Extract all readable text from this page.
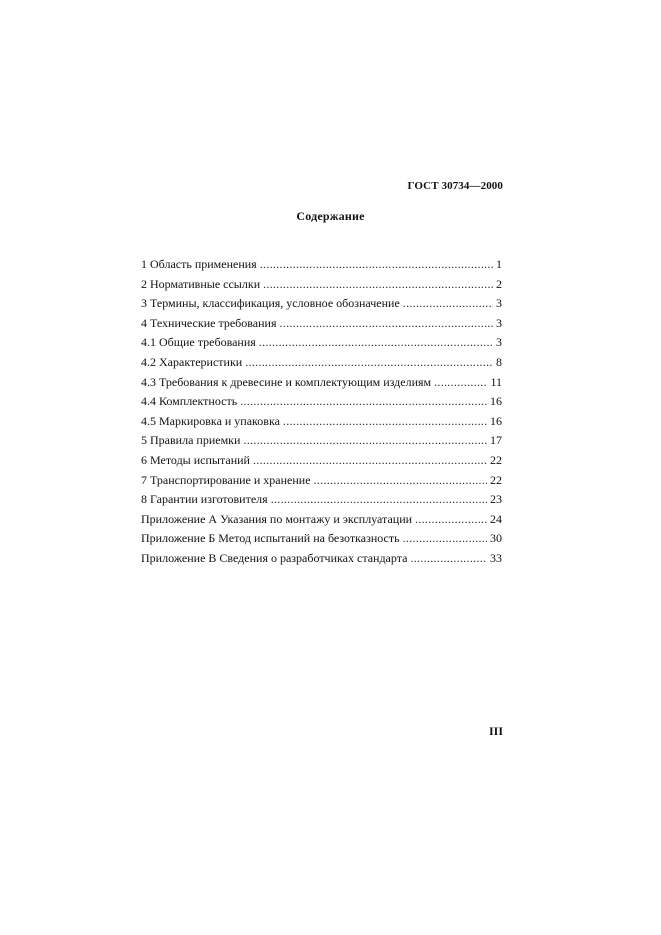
ГОСТ 30734—2000
Содержание
1 Область применения .....	1
2 Нормативные ссылки .....	2
3 Термины, классификация, условное обозначение .....	3
4 Технические требования .....	3
4.1 Общие требования .....	3
4.2 Характеристики .....	8
4.3 Требования к древесине и комплектующим изделиям .....	11
4.4 Комплектность .....	16
4.5 Маркировка и упаковка .....	16
5 Правила приемки .....	17
6 Методы испытаний .....	22
7 Транспортирование и хранение .....	22
8 Гарантии изготовителя .....	23
Приложение А Указания по монтажу и эксплуатации .....	24
Приложение Б Метод испытаний на безотказность .....	30
Приложение В Сведения о разработчиках стандарта .....	33
III
